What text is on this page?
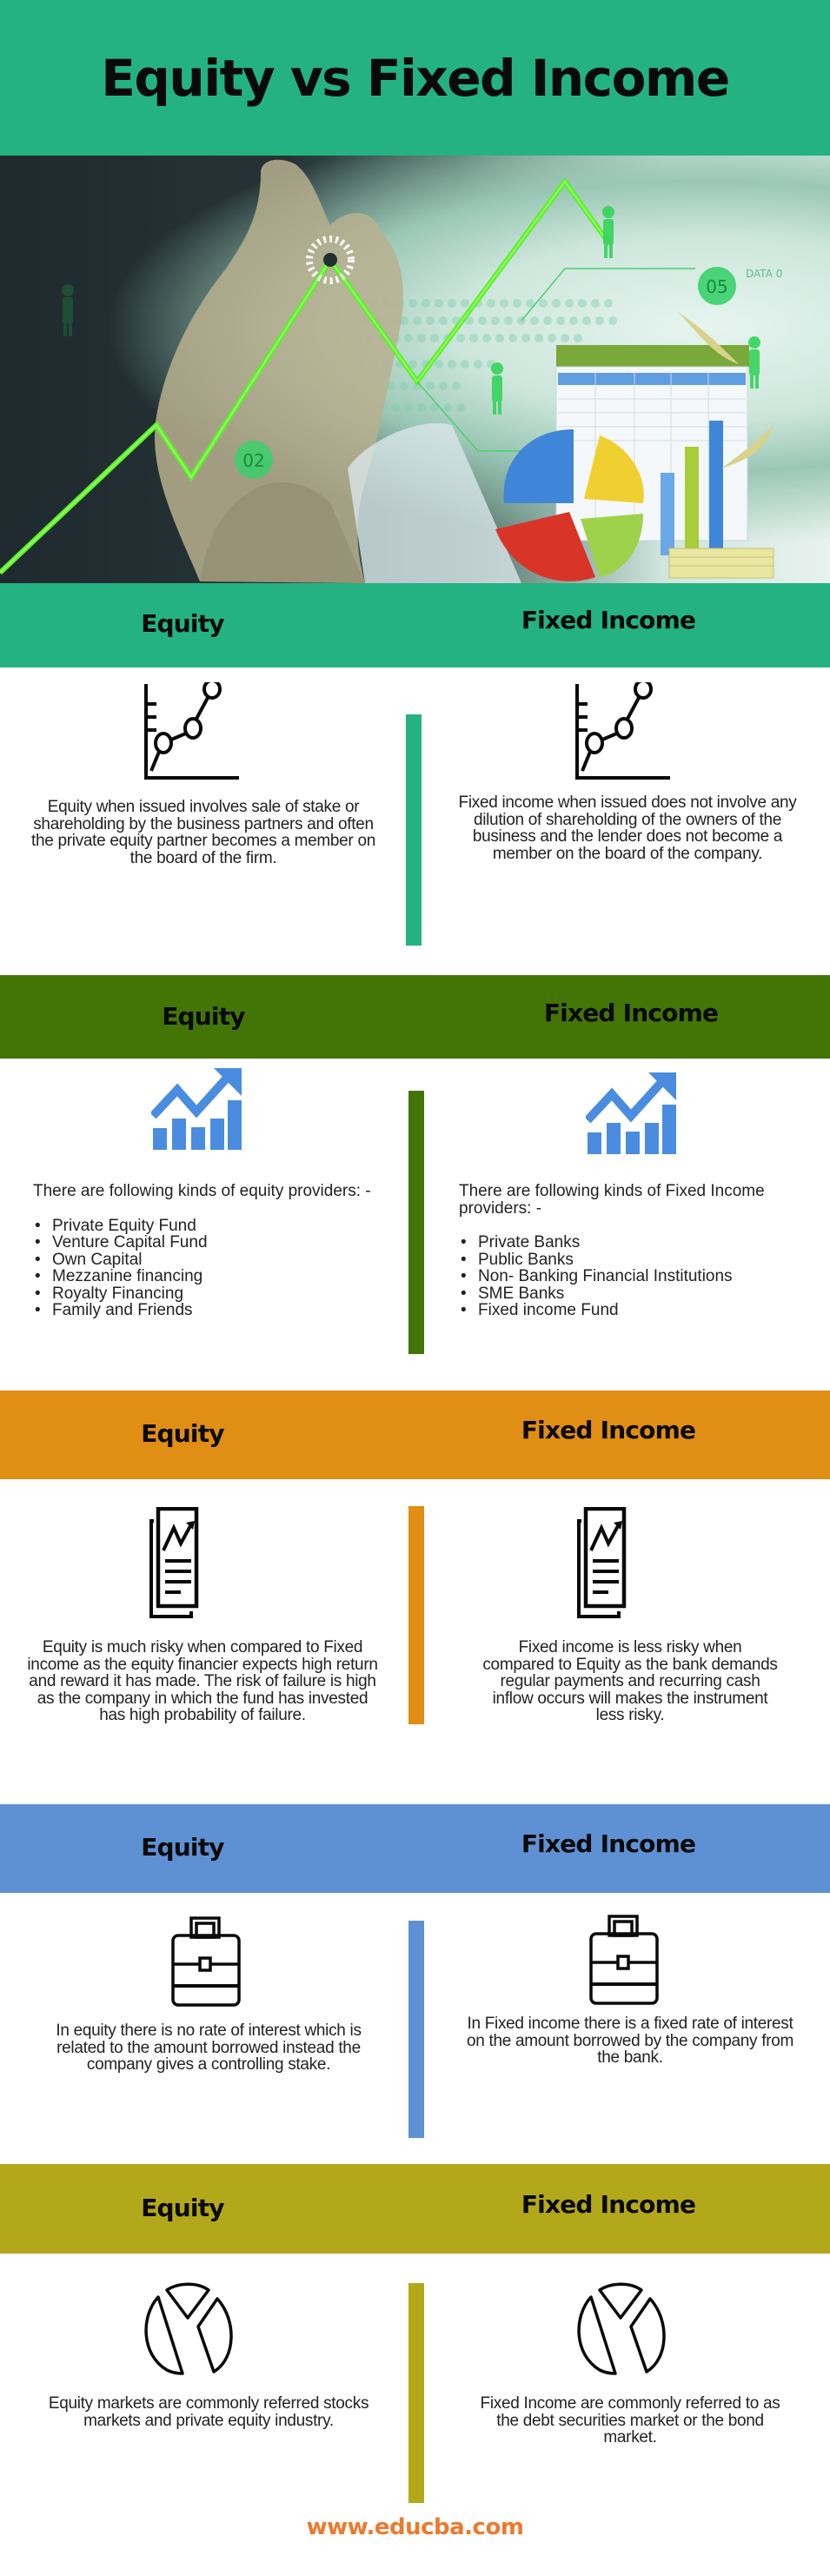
Equity vs Fixed Income
05
DATA 0
02
Equity	Fixed Income
Equity when issued involves sale of stake or shareholding by the business partners and often the private equity partner becomes a member on the board of the firm.
Fixed income when issued does not involve any dilution of shareholding of the owners of the business and the lender does not become a member on the board of the company.
Equity	Fixed Income

There are following kinds of equity providers: -

• Private Equity Fund
• Venture Capital Fund
• Own Capital
• Mezzanine financing
• Royalty Financing
• Family and Friends

There are following kinds of Fixed Income providers: -

• Private Banks
• Public Banks
• Non- Banking Financial Institutions
• SME Banks
• Fixed income Fund
Equity	Fixed Income
Equity is much risky when compared to Fixed income as the equity financier expects high return and reward it has made. The risk of failure is high as the company in which the fund has invested has high probability of failure.
Fixed income is less risky when compared to Equity as the bank demands regular payments and recurring cash inflow occurs will makes the instrument less risky.
Equity	Fixed Income
In equity there is no rate of interest which is related to the amount borrowed instead the company gives a controlling stake.
In Fixed income there is a fixed rate of interest on the amount borrowed by the company from the bank.
Equity	Fixed Income
Equity markets are commonly referred stocks markets and private equity industry.
Fixed Income are commonly referred to as the debt securities market or the bond market.
www.educba.com
